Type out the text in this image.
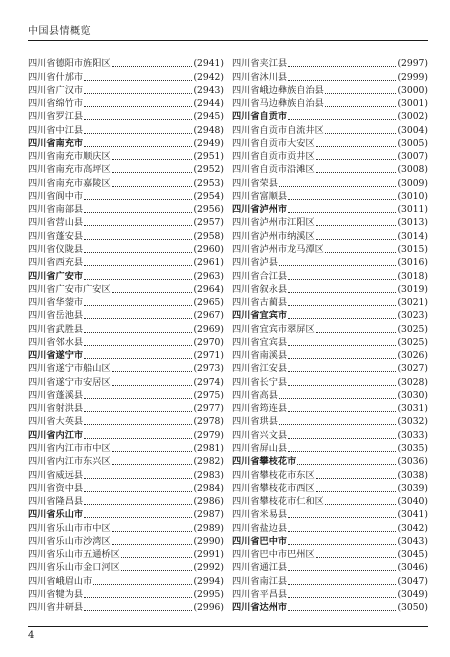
中国县情概览
四川省德阳市旌阳区	(2941)
四川省什邡市	(2942)
四川省广汉市	(2943)
四川省绵竹市	(2944)
四川省罗江县	(2945)
四川省中江县	(2948)
四川省南充市	(2949)
四川省南充市顺庆区	(2951)
四川省南充市高坪区	(2952)
四川省南充市嘉陵区	(2953)
四川省阆中市	(2954)
四川省南部县	(2956)
四川省营山县	(2957)
四川省蓬安县	(2958)
四川省仪陇县	(2960)
四川省西充县	(2961)
四川省广安市	(2963)
四川省广安市广安区	(2964)
四川省华蓥市	(2965)
四川省岳池县	(2967)
四川省武胜县	(2969)
四川省邻水县	(2970)
四川省遂宁市	(2971)
四川省遂宁市船山区	(2973)
四川省遂宁市安居区	(2974)
四川省蓬溪县	(2975)
四川省射洪县	(2977)
四川省大英县	(2978)
四川省内江市	(2979)
四川省内江市市中区	(2981)
四川省内江市东兴区	(2982)
四川省威远县	(2983)
四川省资中县	(2984)
四川省隆昌县	(2986)
四川省乐山市	(2987)
四川省乐山市市中区	(2989)
四川省乐山市沙湾区	(2990)
四川省乐山市五通桥区	(2991)
四川省乐山市金口河区	(2992)
四川省峨眉山市	(2994)
四川省犍为县	(2995)
四川省井研县	(2996)
四川省夹江县	(2997)
四川省沐川县	(2999)
四川省峨边彝族自治县	(3000)
四川省马边彝族自治县	(3001)
四川省自贡市	(3002)
四川省自贡市自流井区	(3004)
四川省自贡市大安区	(3005)
四川省自贡市贡井区	(3007)
四川省自贡市沿滩区	(3008)
四川省荣县	(3009)
四川省富顺县	(3010)
四川省泸州市	(3011)
四川省泸州市江阳区	(3013)
四川省泸州市纳溪区	(3014)
四川省泸州市龙马潭区	(3015)
四川省泸县	(3016)
四川省合江县	(3018)
四川省叙永县	(3019)
四川省古蔺县	(3021)
四川省宜宾市	(3023)
四川省宜宾市翠屏区	(3025)
四川省宜宾县	(3025)
四川省南溪县	(3026)
四川省江安县	(3027)
四川省长宁县	(3028)
四川省高县	(3030)
四川省筠连县	(3031)
四川省珙县	(3032)
四川省兴文县	(3033)
四川省屏山县	(3035)
四川省攀枝花市	(3036)
四川省攀枝花市东区	(3038)
四川省攀枝花市西区	(3039)
四川省攀枝花市仁和区	(3040)
四川省米易县	(3041)
四川省盐边县	(3042)
四川省巴中市	(3043)
四川省巴中市巴州区	(3045)
四川省通江县	(3046)
四川省南江县	(3047)
四川省平昌县	(3049)
四川省达州市	(3050)
4
